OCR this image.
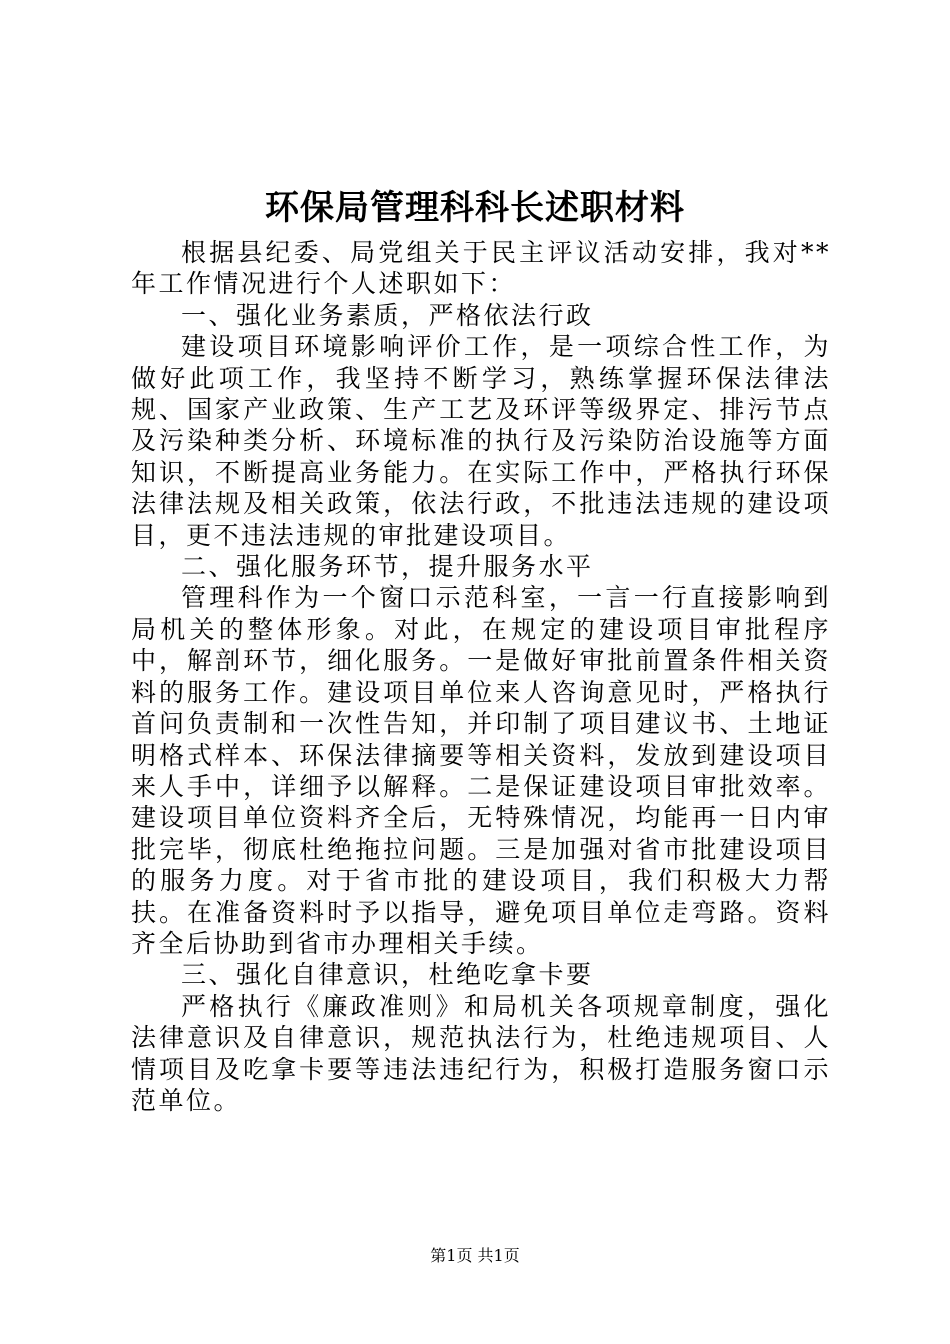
环保局管理科科长述职材料

根据县纪委、局党组关于民主评议活动安排，我对**年工作情况进行个人述职如下：

一、强化业务素质，严格依法行政

建设项目环境影响评价工作，是一项综合性工作，为做好此项工作，我坚持不断学习，熟练掌握环保法律法规、国家产业政策、生产工艺及环评等级界定、排污节点及污染种类分析、环境标准的执行及污染防治设施等方面知识，不断提高业务能力。在实际工作中，严格执行环保法律法规及相关政策，依法行政，不批违法违规的建设项目，更不违法违规的审批建设项目。

二、强化服务环节，提升服务水平

管理科作为一个窗口示范科室，一言一行直接影响到局机关的整体形象。对此，在规定的建设项目审批程序中，解剖环节，细化服务。一是做好审批前置条件相关资料的服务工作。建设项目单位来人咨询意见时，严格执行首问负责制和一次性告知，并印制了项目建议书、土地证明格式样本、环保法律摘要等相关资料，发放到建设项目来人手中，详细予以解释。二是保证建设项目审批效率。建设项目单位资料齐全后，无特殊情况，均能再一日内审批完毕，彻底杜绝拖拉问题。三是加强对省市批建设项目的服务力度。对于省市批的建设项目，我们积极大力帮扶。在准备资料时予以指导，避免项目单位走弯路。资料齐全后协助到省市办理相关手续。

三、强化自律意识，杜绝吃拿卡要

严格执行《廉政准则》和局机关各项规章制度，强化法律意识及自律意识，规范执法行为，杜绝违规项目、人情项目及吃拿卡要等违法违纪行为，积极打造服务窗口示范单位。

第1页 共1页
